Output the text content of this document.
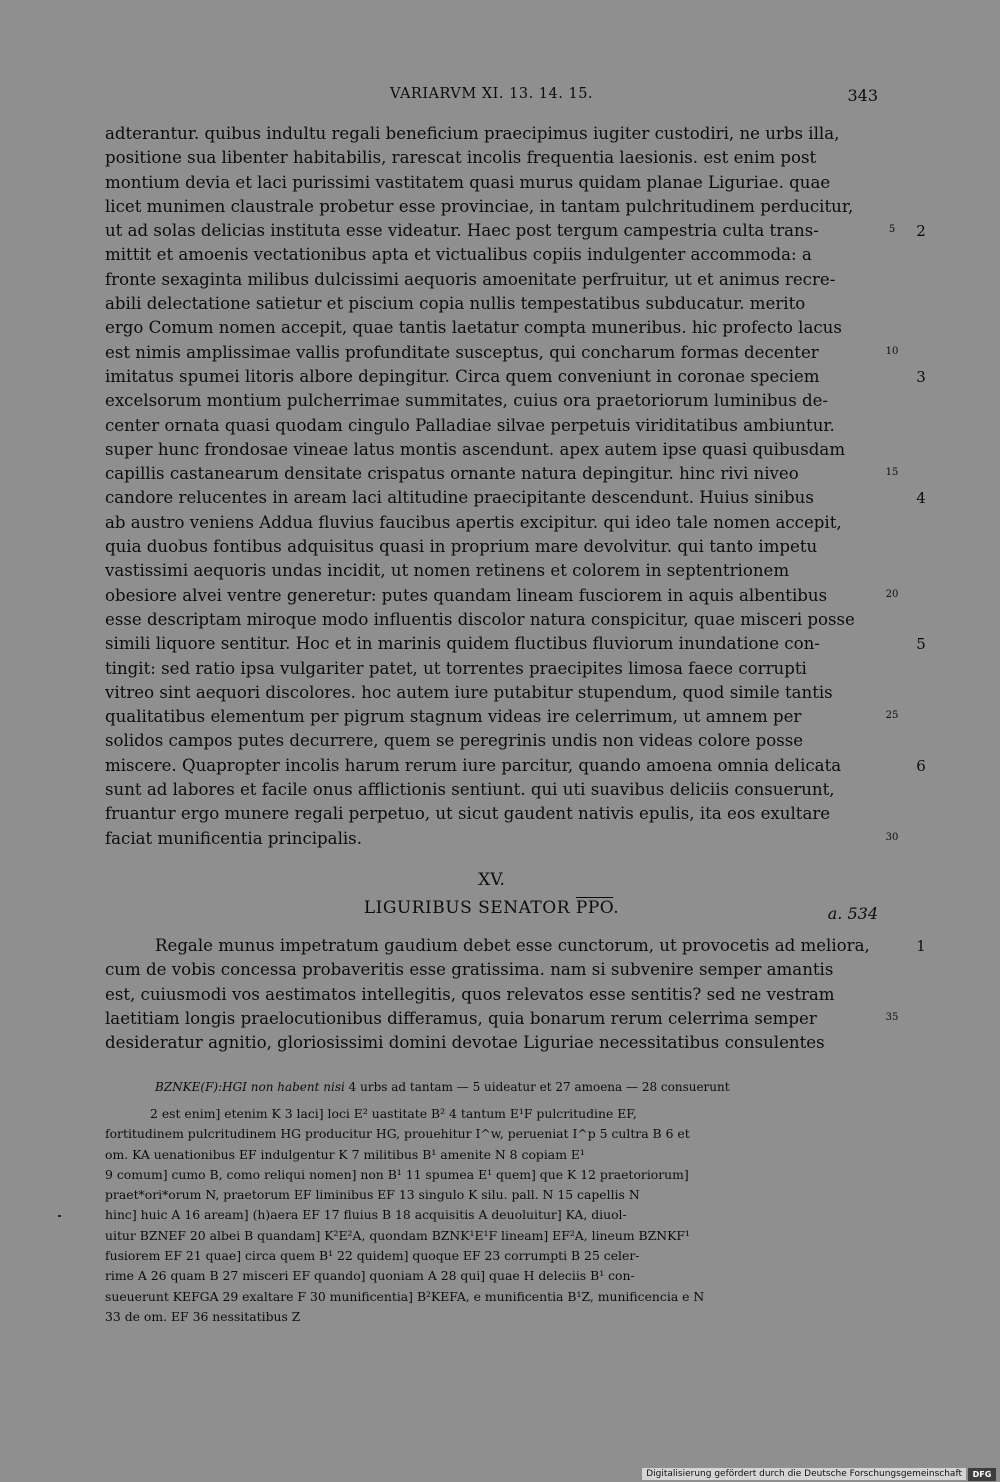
VARIARVM XI. 13. 14. 15.	343
adterantur. quibus indultu regali beneficium praecipimus iugiter custodiri, ne urbs illa,
positione sua libenter habitabilis, rarescat incolis frequentia laesionis. est enim post
montium devia et laci purissimi vastitatem quasi murus quidam planae Liguriae. quae
licet munimen claustrale probetur esse provinciae, in tantam pulchritudinem perducitur,
ut ad solas delicias instituta esse videatur. Haec post tergum campestria culta trans-	5	2
mittit et amoenis vectationibus apta et victualibus copiis indulgenter accommoda: a
fronte sexaginta milibus dulcissimi aequoris amoenitate perfruitur, ut et animus recre-
abili delectatione satietur et piscium copia nullis tempestatibus subducatur. merito
ergo Comum nomen accepit, quae tantis laetatur compta muneribus. hic profecto lacus
est nimis amplissimae vallis profunditate susceptus, qui concharum formas decenter	10
imitatus spumei litoris albore depingitur. Circa quem conveniunt in coronae speciem	3
excelsorum montium pulcherrimae summitates, cuius ora praetoriorum luminibus de-
center ornata quasi quodam cingulo Palladiae silvae perpetuis viriditatibus ambiuntur.
super hunc frondosae vineae latus montis ascendunt. apex autem ipse quasi quibusdam
capillis castanearum densitate crispatus ornante natura depingitur. hinc rivi niveo	15
candore relucentes in aream laci altitudine praecipitante descendunt. Huius sinibus	4
ab austro veniens Addua fluvius faucibus apertis excipitur. qui ideo tale nomen accepit,
quia duobus fontibus adquisitus quasi in proprium mare devolvitur. qui tanto impetu
vastissimi aequoris undas incidit, ut nomen retinens et colorem in septentrionem
obesiore alvei ventre generetur: putes quandam lineam fusciorem in aquis albentibus	20
esse descriptam miroque modo influentis discolor natura conspicitur, quae misceri posse
simili liquore sentitur. Hoc et in marinis quidem fluctibus fluviorum inundatione con-	5
tingit: sed ratio ipsa vulgariter patet, ut torrentes praecipites limosa faece corrupti
vitreo sint aequori discolores. hoc autem iure putabitur stupendum, quod simile tantis
qualitatibus elementum per pigrum stagnum videas ire celerrimum, ut amnem per	25
solidos campos putes decurrere, quem se peregrinis undis non videas colore posse
miscere. Quapropter incolis harum rerum iure parcitur, quando amoena omnia delicata	6
sunt ad labores et facile onus afflictionis sentiunt. qui uti suavibus deliciis consuerunt,
fruantur ergo munere regali perpetuo, ut sicut gaudent nativis epulis, ita eos exultare
faciat munificentia principalis.	30
XV.
LIGURIBUS SENATOR $\overline{PPO}$.	a. 534
Regale munus impetratum gaudium debet esse cunctorum, ut provocetis ad meliora,	1
cum de vobis concessa probaveritis esse gratissima. nam si subvenire semper amantis
est, cuiusmodi vos aestimatos intellegitis, quos relevatos esse sentitis? sed ne vestram
laetitiam longis praelocutionibus differamus, quia bonarum rerum celerrima semper	35
desideratur agnitio, gloriosissimi domini devotae Liguriae necessitatibus consulentes
BZNKE(F):HGI non habent nisi 4 urbs ad tantam — 5 uideatur et 27 amoena — 28 consuerunt
2 est enim] etenim K 3 laci] loci E² uastitate B² 4 tantum E¹F pulcritudine EF,
fortitudinem pulcritudinem HG producitur HG, prouehitur I^w, perueniat I^p 5 cultra B 6 et
om. KA uenationibus EF indulgentur K 7 militibus B¹ amenite N 8 copiam E¹
9 comum] cumo B, como reliqui nomen] non B¹ 11 spumea E¹ quem] que K 12 praetoriorum]
praet*ori*orum N, praetorum EF liminibus EF 13 singulo K silu. pall. N 15 capellis N
hinc] huic A 16 aream] (h)aera EF 17 fluius B 18 acquisitis A deuoluitur] KA, diuol-
uitur BZNEF 20 albei B quandam] K²E²A, quondam BZNK¹E¹F lineam] EF²A, lineum BZNKF¹
fusiorem EF 21 quae] circa quem B¹ 22 quidem] quoque EF 23 corrumpti B 25 celer-
rime A 26 quam B 27 misceri EF quando] quoniam A 28 qui] quae H deleciis B¹ con-
sueuerunt KEFGA 29 exaltare F 30 munificentia] B²KEFA, e munificentia B¹Z, munificencia e N
33 de om. EF 36 nessitatibus Z
Digitalisierung gefördert durch die Deutsche Forschungsgemeinschaft	DFG
